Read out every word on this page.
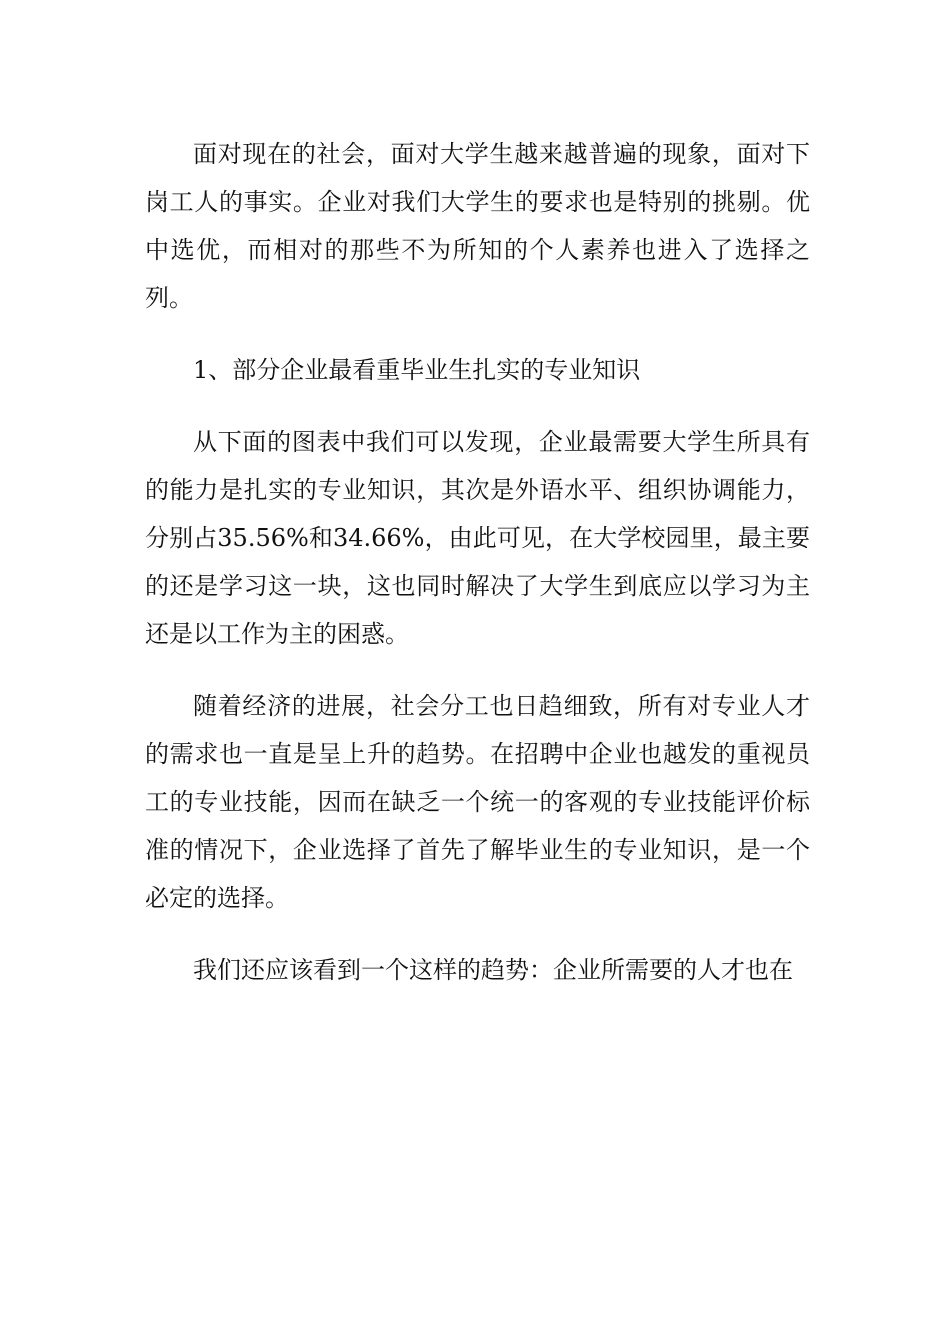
面对现在的社会，面对大学生越来越普遍的现象，面对下岗工人的事实。企业对我们大学生的要求也是特别的挑剔。优中选优，而相对的那些不为所知的个人素养也进入了选择之列。

1、部分企业最看重毕业生扎实的专业知识

从下面的图表中我们可以发现，企业最需要大学生所具有的能力是扎实的专业知识，其次是外语水平、组织协调能力，分别占35.56%和34.66%，由此可见，在大学校园里，最主要的还是学习这一块，这也同时解决了大学生到底应以学习为主还是以工作为主的困惑。

随着经济的进展，社会分工也日趋细致，所有对专业人才的需求也一直是呈上升的趋势。在招聘中企业也越发的重视员工的专业技能，因而在缺乏一个统一的客观的专业技能评价标准的情况下，企业选择了首先了解毕业生的专业知识，是一个必定的选择。

我们还应该看到一个这样的趋势：企业所需要的人才也在
